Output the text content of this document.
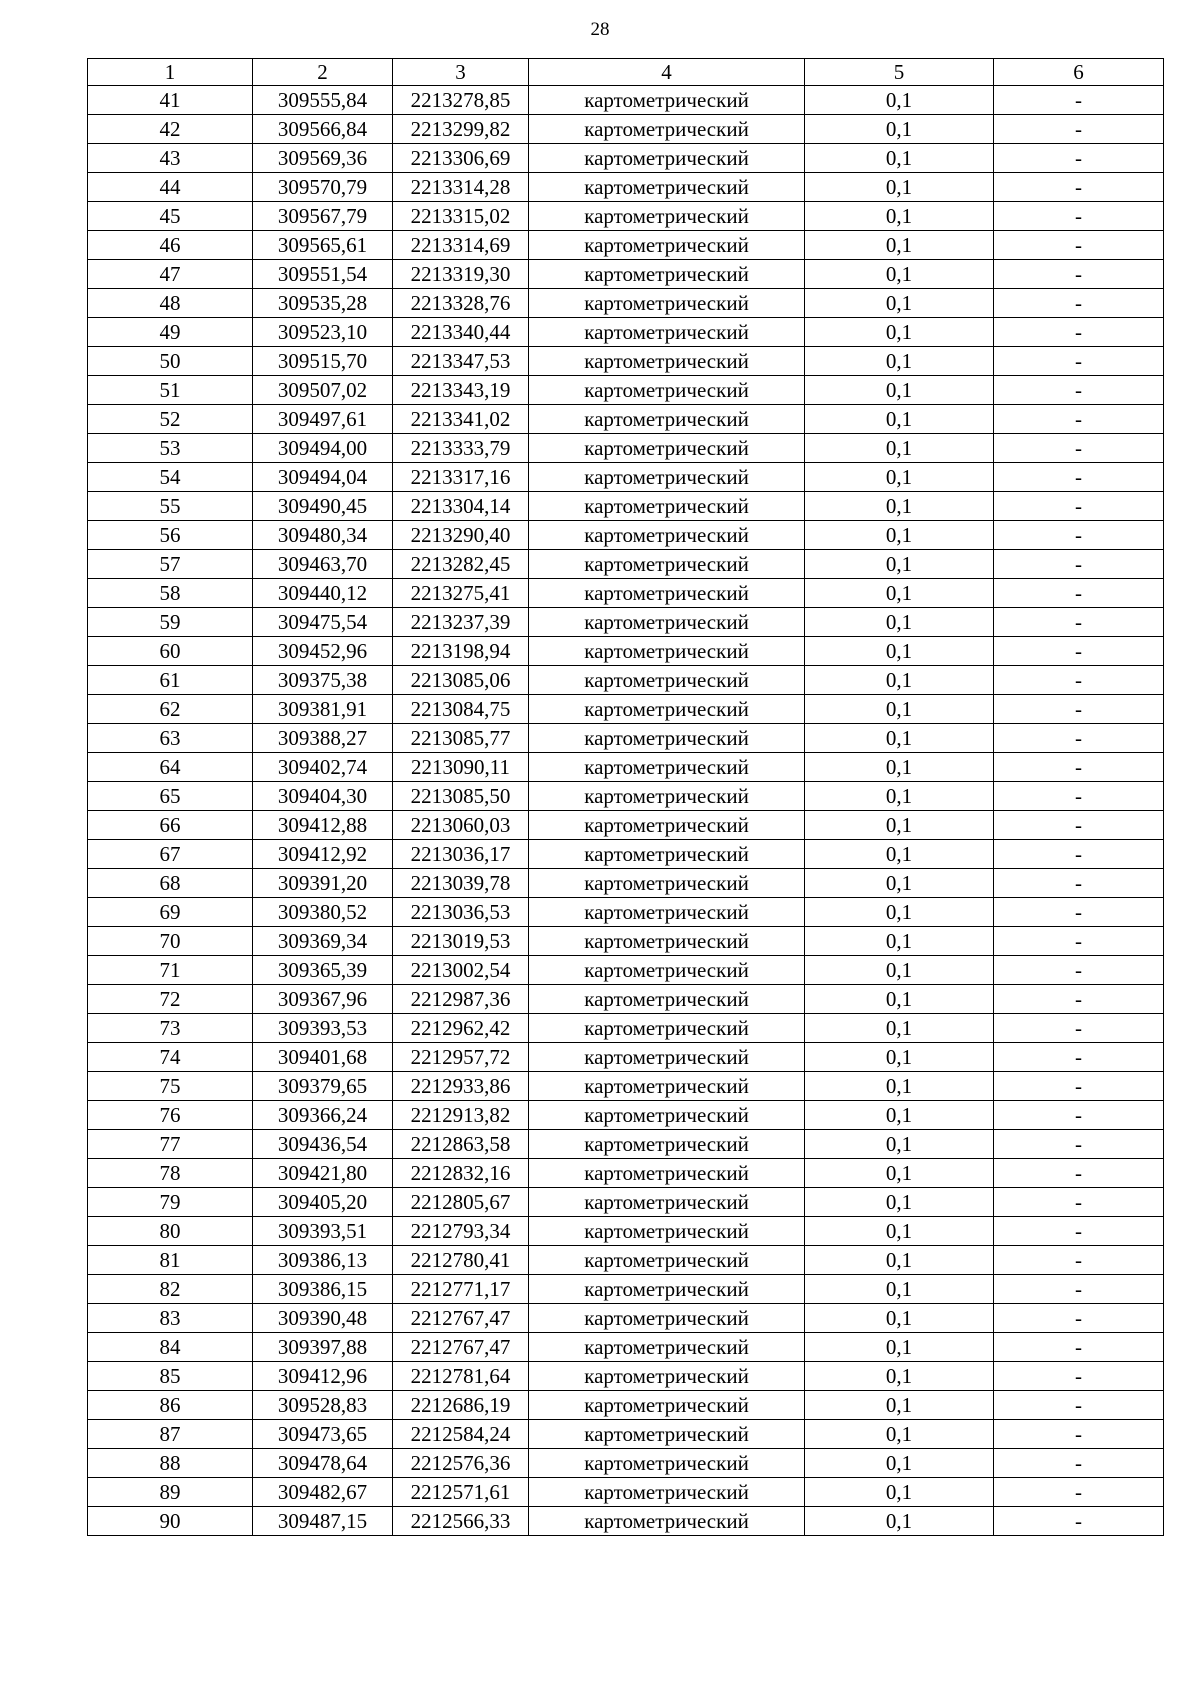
28
1	2	3	4	5	6
41	309555,84	2213278,85	картометрический	0,1	-
42	309566,84	2213299,82	картометрический	0,1	-
43	309569,36	2213306,69	картометрический	0,1	-
44	309570,79	2213314,28	картометрический	0,1	-
45	309567,79	2213315,02	картометрический	0,1	-
46	309565,61	2213314,69	картометрический	0,1	-
47	309551,54	2213319,30	картометрический	0,1	-
48	309535,28	2213328,76	картометрический	0,1	-
49	309523,10	2213340,44	картометрический	0,1	-
50	309515,70	2213347,53	картометрический	0,1	-
51	309507,02	2213343,19	картометрический	0,1	-
52	309497,61	2213341,02	картометрический	0,1	-
53	309494,00	2213333,79	картометрический	0,1	-
54	309494,04	2213317,16	картометрический	0,1	-
55	309490,45	2213304,14	картометрический	0,1	-
56	309480,34	2213290,40	картометрический	0,1	-
57	309463,70	2213282,45	картометрический	0,1	-
58	309440,12	2213275,41	картометрический	0,1	-
59	309475,54	2213237,39	картометрический	0,1	-
60	309452,96	2213198,94	картометрический	0,1	-
61	309375,38	2213085,06	картометрический	0,1	-
62	309381,91	2213084,75	картометрический	0,1	-
63	309388,27	2213085,77	картометрический	0,1	-
64	309402,74	2213090,11	картометрический	0,1	-
65	309404,30	2213085,50	картометрический	0,1	-
66	309412,88	2213060,03	картометрический	0,1	-
67	309412,92	2213036,17	картометрический	0,1	-
68	309391,20	2213039,78	картометрический	0,1	-
69	309380,52	2213036,53	картометрический	0,1	-
70	309369,34	2213019,53	картометрический	0,1	-
71	309365,39	2213002,54	картометрический	0,1	-
72	309367,96	2212987,36	картометрический	0,1	-
73	309393,53	2212962,42	картометрический	0,1	-
74	309401,68	2212957,72	картометрический	0,1	-
75	309379,65	2212933,86	картометрический	0,1	-
76	309366,24	2212913,82	картометрический	0,1	-
77	309436,54	2212863,58	картометрический	0,1	-
78	309421,80	2212832,16	картометрический	0,1	-
79	309405,20	2212805,67	картометрический	0,1	-
80	309393,51	2212793,34	картометрический	0,1	-
81	309386,13	2212780,41	картометрический	0,1	-
82	309386,15	2212771,17	картометрический	0,1	-
83	309390,48	2212767,47	картометрический	0,1	-
84	309397,88	2212767,47	картометрический	0,1	-
85	309412,96	2212781,64	картометрический	0,1	-
86	309528,83	2212686,19	картометрический	0,1	-
87	309473,65	2212584,24	картометрический	0,1	-
88	309478,64	2212576,36	картометрический	0,1	-
89	309482,67	2212571,61	картометрический	0,1	-
90	309487,15	2212566,33	картометрический	0,1	-
